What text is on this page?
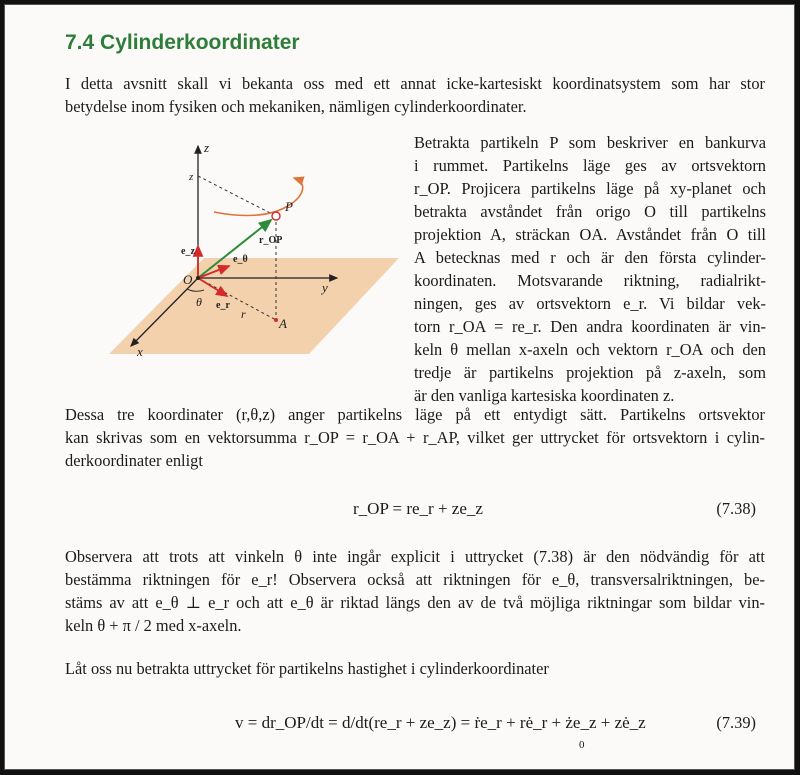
7.4 Cylinderkoordinater
I detta avsnitt skall vi bekanta oss med ett annat icke-kartesiskt koordinatsystem som har stor
betydelse inom fysiken och mekaniken, nämligen cylinderkoordinater.
z
z
y
x
O
P
A
r_OP
e_z
e_θ
e_r
θ
r
Betrakta partikeln P som beskriver en bankurva
i rummet. Partikelns läge ges av ortsvektorn
r_OP. Projicera partikelns läge på xy-planet och
betrakta avståndet från origo O till partikelns
projektion A, sträckan OA. Avståndet från O till
A betecknas med r och är den första cylinder-
koordinaten. Motsvarande riktning, radialrikt-
ningen, ges av ortsvektorn e_r. Vi bildar vek-
torn r_OA = re_r. Den andra koordinaten är vin-
keln θ mellan x-axeln och vektorn r_OA och den
tredje är partikelns projektion på z-axeln, som
är den vanliga kartesiska koordinaten z.
Dessa tre koordinater (r,θ,z) anger partikelns läge på ett entydigt sätt. Partikelns ortsvektor
kan skrivas som en vektorsumma r_OP = r_OA + r_AP, vilket ger uttrycket för ortsvektorn i cylin-
derkoordinater enligt
r_OP = re_r + ze_z	(7.38)
Observera att trots att vinkeln θ inte ingår explicit i uttrycket (7.38) är den nödvändig för att
bestämma riktningen för e_r! Observera också att riktningen för e_θ, transversalriktningen, be-
stäms av att e_θ ⊥ e_r och att e_θ är riktad längs den av de två möjliga riktningar som bildar vin-
keln θ + π / 2 med x-axeln.
Låt oss nu betrakta uttrycket för partikelns hastighet i cylinderkoordinater
v = dr_OP/dt = d/dt(re_r + ze_z) = ṙe_r + rė_r + że_z + zė_z
0
(7.39)
